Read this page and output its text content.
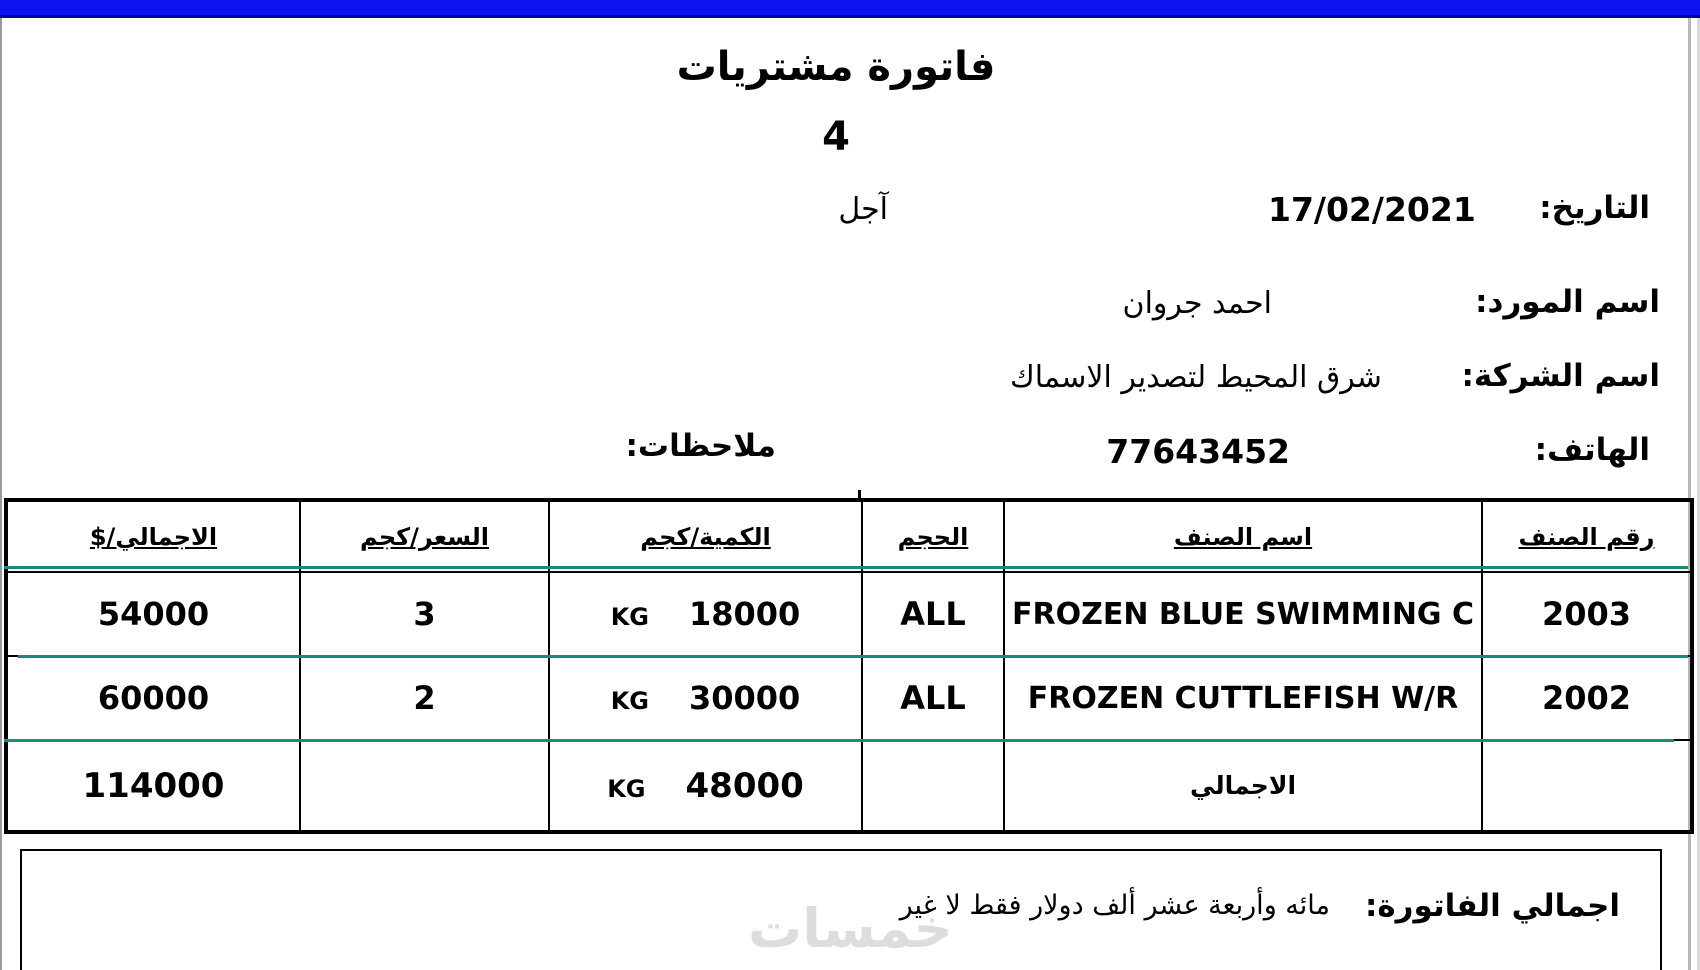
فاتورة مشتريات
4
التاريخ:
17/02/2021
آجل
اسم المورد:
احمد جروان
اسم الشركة:
شرق المحيط لتصدير الاسماك
الهاتف:
77643452
ملاحظات:
رقم الصنف	اسم الصنف	الحجم	الكمية/كجم	السعر/كجم	الاجمالي/$
2003	FROZEN BLUE SWIMMING C	ALL	KG 18000	3	54000
2002	FROZEN CUTTLEFISH W/R	ALL	KG 30000	2	60000
	الاجمالي		KG 48000		114000
اجمالي الفاتورة:
مائه وأربعة عشر ألف دولار فقط لا غير
خمسات
